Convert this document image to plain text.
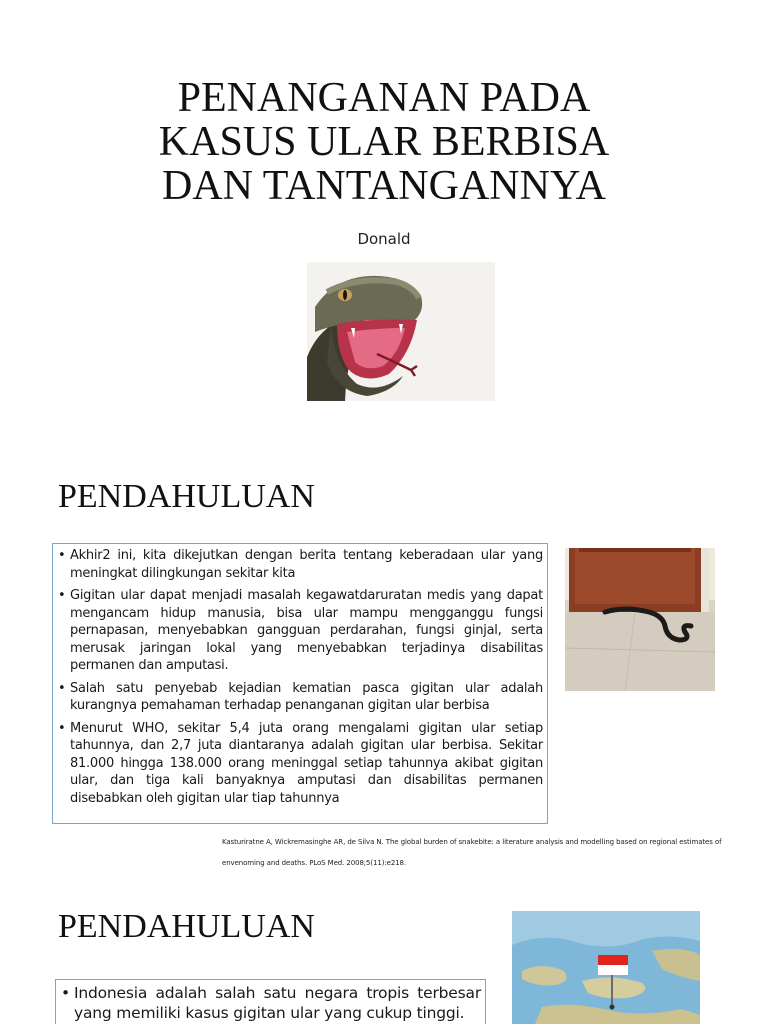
PENANGANAN PADA
KASUS ULAR BERBISA
DAN TANTANGANNYA
Donald
PENDAHULUAN
• Akhir2 ini, kita dikejutkan dengan berita tentang keberadaan ular yang meningkat dilingkungan sekitar kita
• Gigitan ular dapat menjadi masalah kegawatdaruratan medis yang dapat mengancam hidup manusia, bisa ular mampu mengganggu fungsi pernapasan, menyebabkan gangguan perdarahan, fungsi ginjal, serta merusak jaringan lokal yang menyebabkan terjadinya disabilitas permanen dan amputasi.
• Salah satu penyebab kejadian kematian pasca gigitan ular adalah kurangnya pemahaman terhadap penanganan gigitan ular berbisa
• Menurut WHO, sekitar 5,4 juta orang mengalami gigitan ular setiap tahunnya, dan 2,7 juta diantaranya adalah gigitan ular berbisa. Sekitar 81.000 hingga 138.000 orang meninggal setiap tahunnya akibat gigitan ular, dan tiga kali banyaknya amputasi dan disabilitas permanen disebabkan oleh gigitan ular tiap tahunnya
Kasturiratne A, Wickremasinghe AR, de Silva N. The global burden of snakebite: a literature analysis and modelling based on regional estimates of envenoming and deaths. PLoS Med. 2008;5(11):e218.
PENDAHULUAN
• Indonesia adalah salah satu negara tropis terbesar yang memiliki kasus gigitan ular yang cukup tinggi.
